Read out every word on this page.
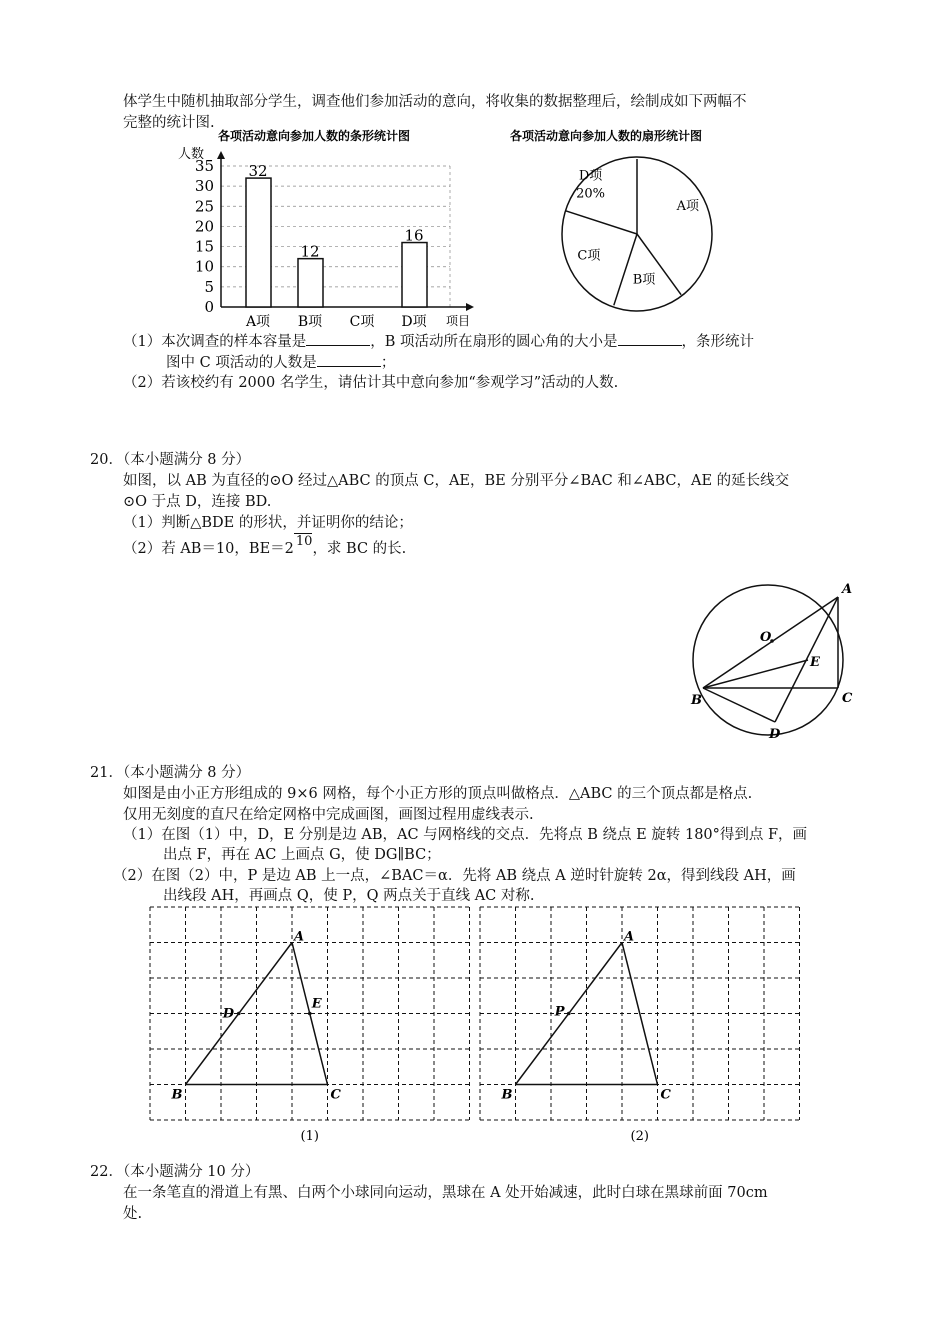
体学生中随机抽取部分学生，调查他们参加活动的意向，将收集的数据整理后，绘制成如下两幅不
完整的统计图.
各项活动意向参加人数的条形统计图
人数
0
5
10
15
20
25
30
35
A项
32
B项
12
C项 D项
16
项目
各项活动意向参加人数的扇形统计图
A项
B项
C项
D项
20%
A
B	C
D
E
O
A
B	C
D
E
(1)
A
B	C
P
(2)
（1）本次调查的样本容量是	，B 项活动所在扇形的圆心角的大小是	，条形统计
图中 C 项活动的人数是	；
（2）若该校约有 2000 名学生，请估计其中意向参加“参观学习”活动的人数.
20．（本小题满分 8 分）
如图，以 AB 为直径的⊙O 经过△ABC 的顶点 C，AE，BE 分别平分∠BAC 和∠ABC，AE 的延长线交
⊙O 于点 D，连接 BD.
（1）判断△BDE 的形状，并证明你的结论；
（2）若 AB＝10，BE＝2 10，求 BC 的长.
21．（本小题满分 8 分）
如图是由小正方形组成的 9×6 网格，每个小正方形的顶点叫做格点．△ABC 的三个顶点都是格点.
仅用无刻度的直尺在给定网格中完成画图，画图过程用虚线表示.
（1）在图（1）中，D，E 分别是边 AB，AC 与网格线的交点．先将点 B 绕点 E 旋转 180°得到点 F，画
出点 F，再在 AC 上画点 G，使 DG∥BC；
（2）在图（2）中，P 是边 AB 上一点，∠BAC＝α．先将 AB 绕点 A 逆时针旋转 2α，得到线段 AH，画
出线段 AH，再画点 Q，使 P，Q 两点关于直线 AC 对称.
22．（本小题满分 10 分）
在一条笔直的滑道上有黑、白两个小球同向运动，黑球在 A 处开始减速，此时白球在黑球前面 70cm
处.
